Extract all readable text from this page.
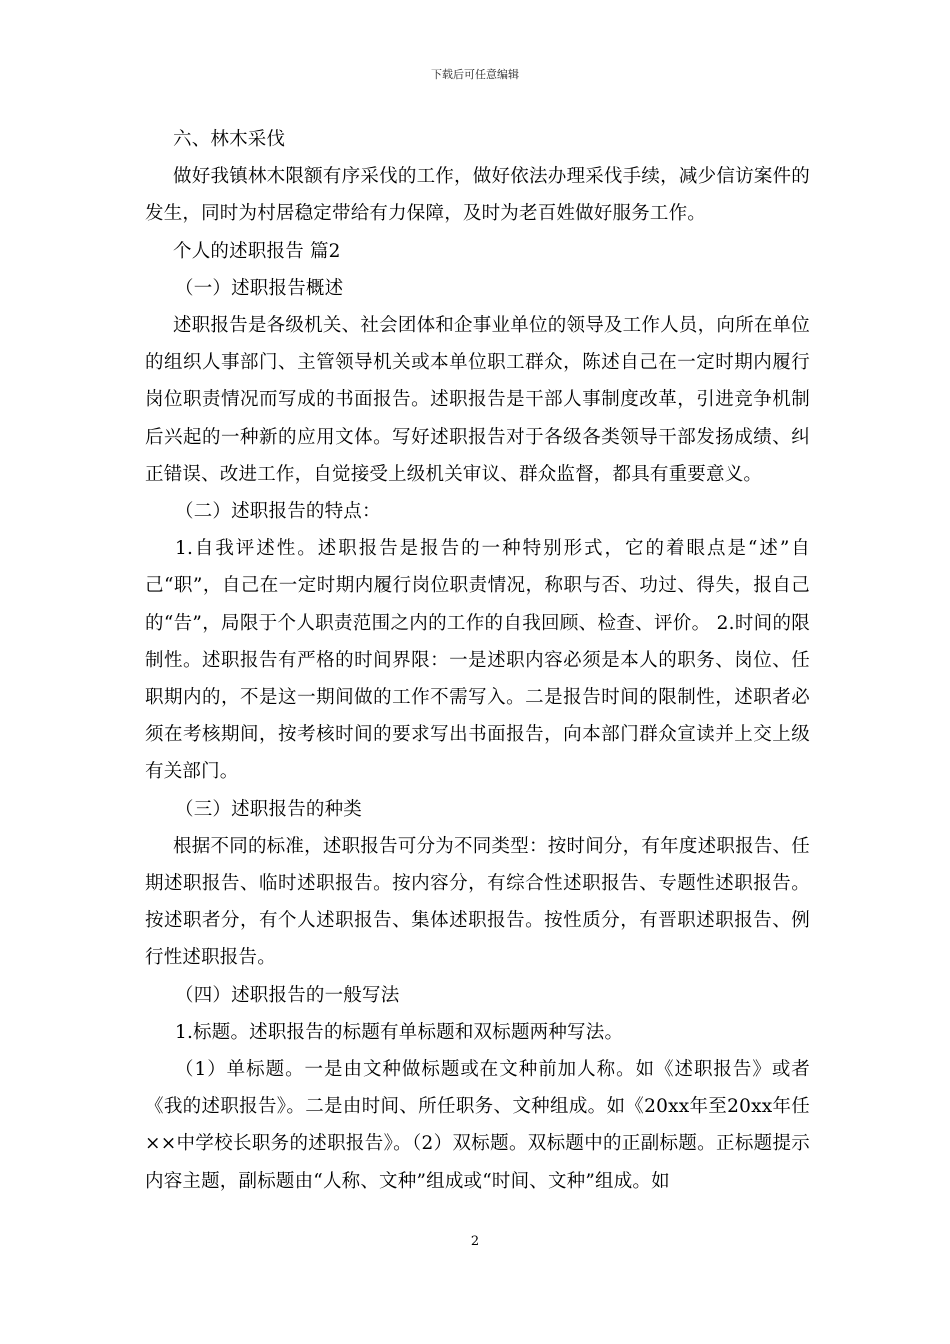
下载后可任意编辑

六、林木采伐

做好我镇林木限额有序采伐的工作，做好依法办理采伐手续，减少信访案件的发生，同时为村居稳定带给有力保障，及时为老百姓做好服务工作。

个人的述职报告 篇2

（一）述职报告概述

述职报告是各级机关、社会团体和企事业单位的领导及工作人员，向所在单位的组织人事部门、主管领导机关或本单位职工群众，陈述自己在一定时期内履行岗位职责情况而写成的书面报告。述职报告是干部人事制度改革，引进竞争机制后兴起的一种新的应用文体。写好述职报告对于各级各类领导干部发扬成绩、纠正错误、改进工作，自觉接受上级机关审议、群众监督，都具有重要意义。

（二）述职报告的特点：

1.自我评述性。述职报告是报告的一种特别形式，它的着眼点是“述”自己“职”，自己在一定时期内履行岗位职责情况，称职与否、功过、得失，报自己的“告”，局限于个人职责范围之内的工作的自我回顾、检查、评价。 2.时间的限制性。述职报告有严格的时间界限：一是述职内容必须是本人的职务、岗位、任职期内的，不是这一期间做的工作不需写入。二是报告时间的限制性，述职者必须在考核期间，按考核时间的要求写出书面报告，向本部门群众宣读并上交上级有关部门。

（三）述职报告的种类

根据不同的标准，述职报告可分为不同类型：按时间分，有年度述职报告、任期述职报告、临时述职报告。按内容分，有综合性述职报告、专题性述职报告。按述职者分，有个人述职报告、集体述职报告。按性质分，有晋职述职报告、例行性述职报告。

（四）述职报告的一般写法

1.标题。述职报告的标题有单标题和双标题两种写法。

（1）单标题。一是由文种做标题或在文种前加人称。如《述职报告》或者《我的述职报告》。二是由时间、所任职务、文种组成。如《20xx年至20xx年任××中学校长职务的述职报告》。（2）双标题。双标题中的正副标题。正标题提示内容主题，副标题由“人称、文种”组成或“时间、文种”组成。如

2
